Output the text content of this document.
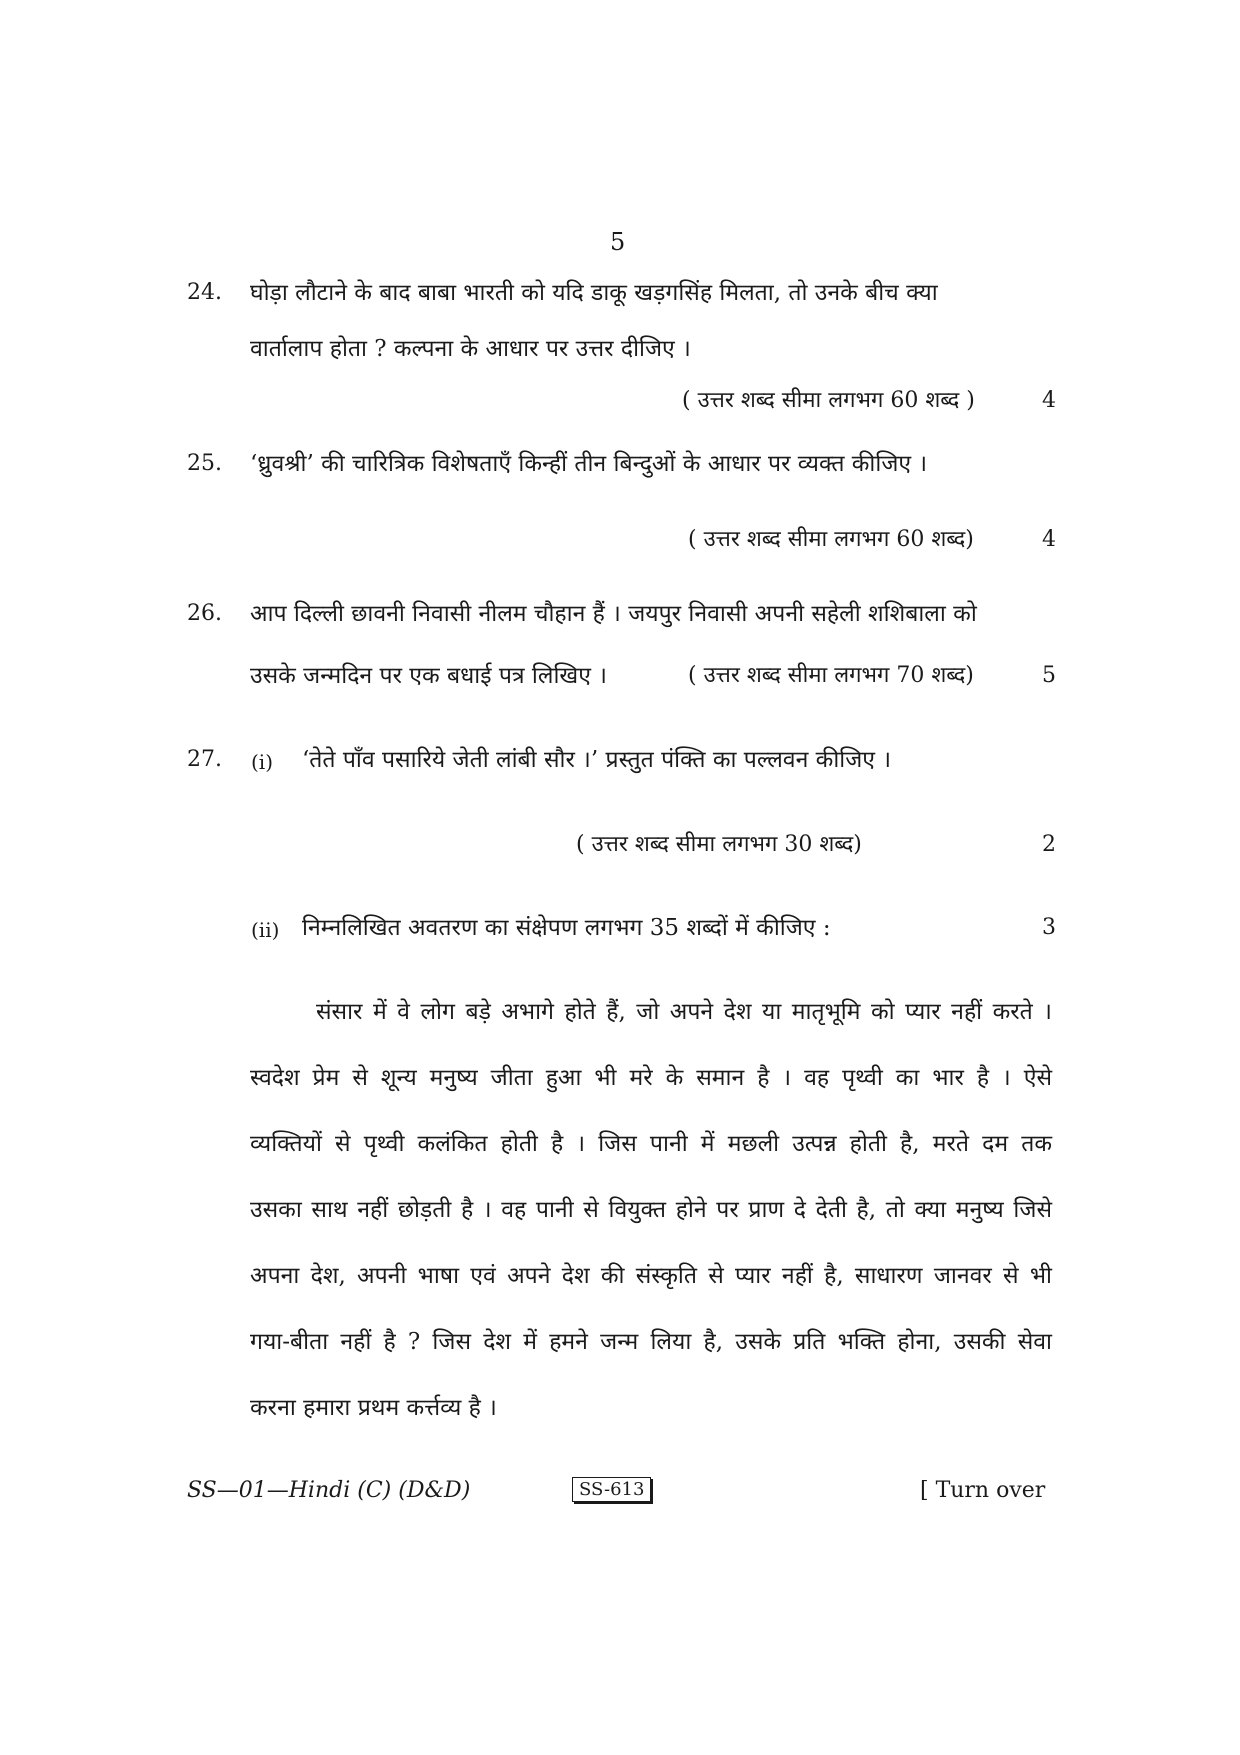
5
24. घोड़ा लौटाने के बाद बाबा भारती को यदि डाकू खड़गसिंह मिलता, तो उनके बीच क्या
वार्तालाप होता ? कल्पना के आधार पर उत्तर दीजिए ।
( उत्तर शब्द सीमा लगभग 60 शब्द )	4
25. ‘ध्रुवश्री’ की चारित्रिक विशेषताएँ किन्हीं तीन बिन्दुओं के आधार पर व्यक्त कीजिए ।
( उत्तर शब्द सीमा लगभग 60 शब्द)	4
26. आप दिल्ली छावनी निवासी नीलम चौहान हैं । जयपुर निवासी अपनी सहेली शशिबाला को
उसके जन्मदिन पर एक बधाई पत्र लिखिए ।	( उत्तर शब्द सीमा लगभग 70 शब्द)	5
27. (i) ‘तेते पाँव पसारिये जेती लांबी सौर ।’ प्रस्तुत पंक्ति का पल्लवन कीजिए ।
( उत्तर शब्द सीमा लगभग 30 शब्द)	2
(ii) निम्नलिखित अवतरण का संक्षेपण लगभग 35 शब्दों में कीजिए :	3
संसार में वे लोग बड़े अभागे होते हैं, जो अपने देश या मातृभूमि को प्यार नहीं करते ।
स्वदेश प्रेम से शून्य मनुष्य जीता हुआ भी मरे के समान है । वह पृथ्वी का भार है । ऐसे
व्यक्तियों से पृथ्वी कलंकित होती है । जिस पानी में मछली उत्पन्न होती है, मरते दम तक
उसका साथ नहीं छोड़ती है । वह पानी से वियुक्त होने पर प्राण दे देती है, तो क्या मनुष्य जिसे
अपना देश, अपनी भाषा एवं अपने देश की संस्कृति से प्यार नहीं है, साधारण जानवर से भी
गया-बीता नहीं है ? जिस देश में हमने जन्म लिया है, उसके प्रति भक्ति होना, उसकी सेवा
करना हमारा प्रथम कर्त्तव्य है ।
SS—01—Hindi (C) (D&D)	SS-613	[ Turn over
